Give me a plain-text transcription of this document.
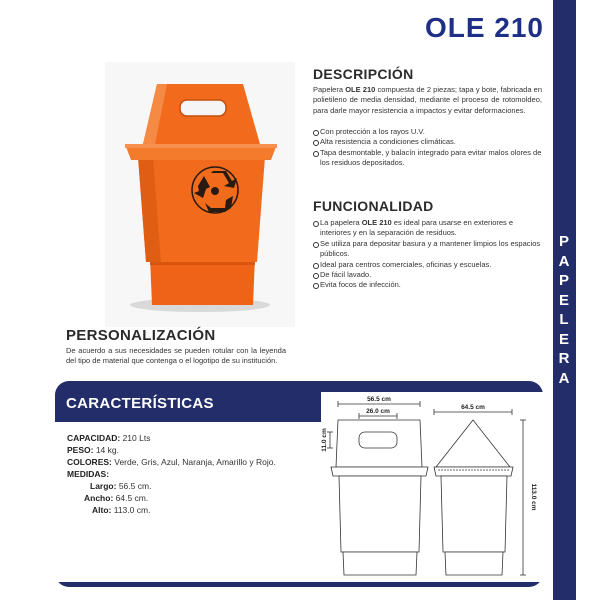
OLE 210
P
A
P
E
L
E
R
A
DESCRIPCIÓN
Papelera OLE 210 compuesta de 2 piezas; tapa y bote, fabricada en polietileno de media densidad, mediante el proceso de rotomoldeo, para darle mayor resistencia a impactos y evitar deformaciones.
Con protección a los rayos U.V.
Alta resistencia a condiciones climáticas.
Tapa desmontable, y balacín integrado para evitar malos olores de los residuos depositados.
FUNCIONALIDAD
La papelera OLE 210 es ideal para usarse en exteriores e interiores y en la separación de residuos.
Se utiliza para depositar basura y a mantener limpios los espacios públicos.
Ideal para centros comerciales, oficinas y escuelas.
De fácil lavado.
Evita focos de infección.
PERSONALIZACIÓN
De acuerdo a sus necesidades se pueden rotular con la leyenda del tipo de material que contenga o el logotipo de su institución.
CARACTERÍSTICAS
CAPACIDAD: 210 Lts
PESO: 14 kg.
COLORES: Verde, Gris, Azul, Naranja, Amarillo y Rojo.
MEDIDAS:
Largo: 56.5 cm.
Ancho: 64.5 cm.
Alto: 113.0 cm.
56.5 cm
26.0 cm
11.0 cm
64.5 cm
113.0 cm
